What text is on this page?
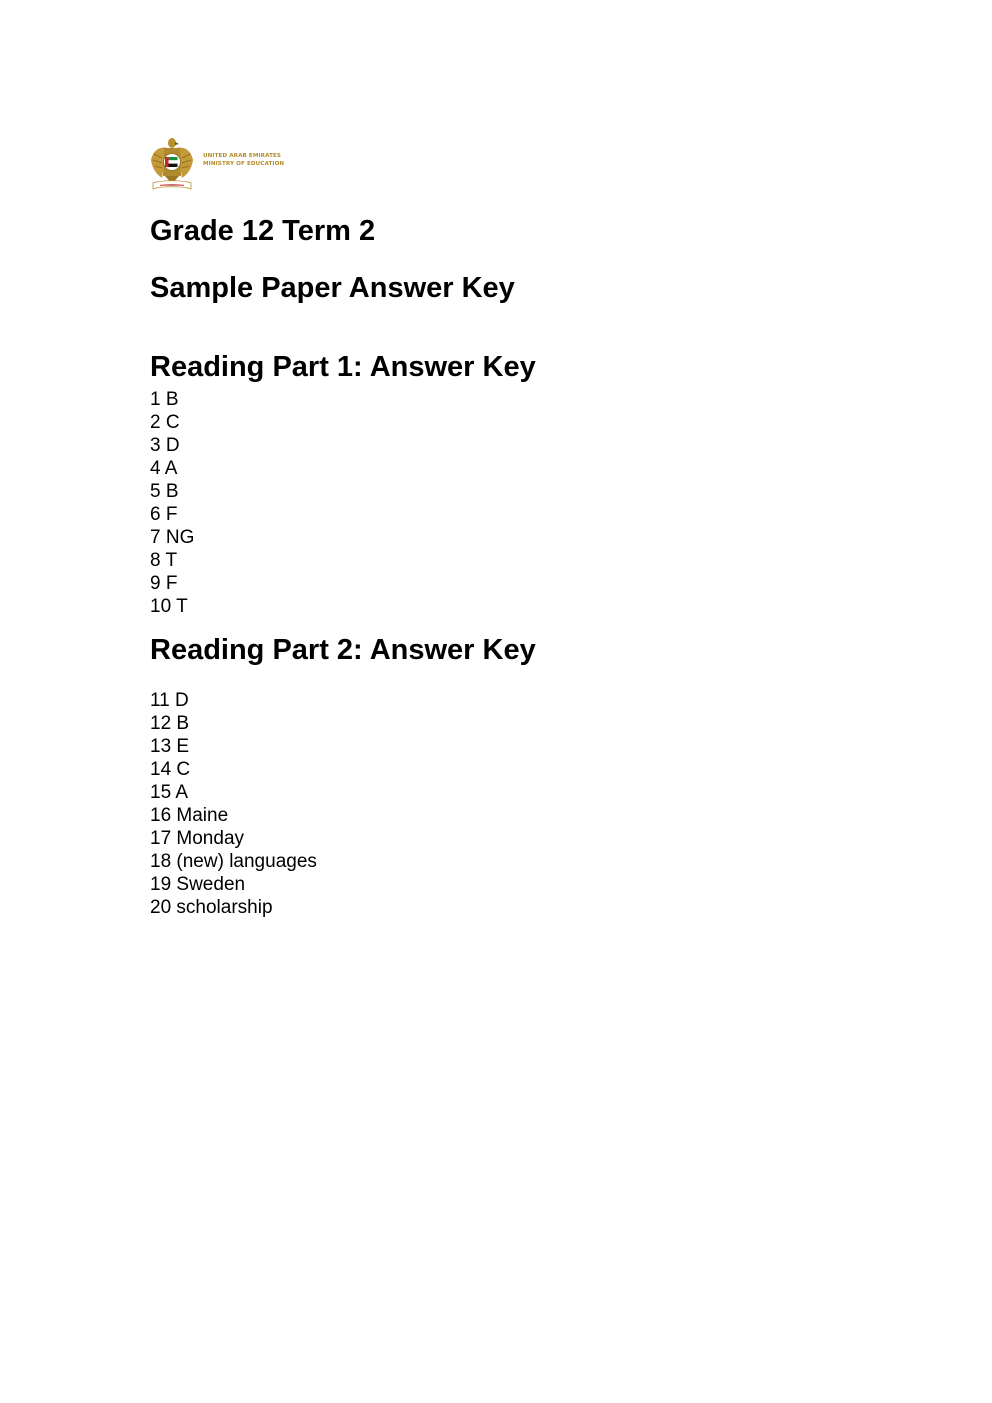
UNITED ARAB EMIRATES
MINISTRY OF EDUCATION
Grade 12 Term 2
Sample Paper Answer Key
Reading Part 1: Answer Key
1 B
2 C
3 D
4 A
5 B
6 F
7 NG
8 T
9 F
10 T
Reading Part 2: Answer Key
11 D
12 B
13 E
14 C
15 A
16 Maine
17 Monday
18 (new) languages
19 Sweden
20 scholarship
